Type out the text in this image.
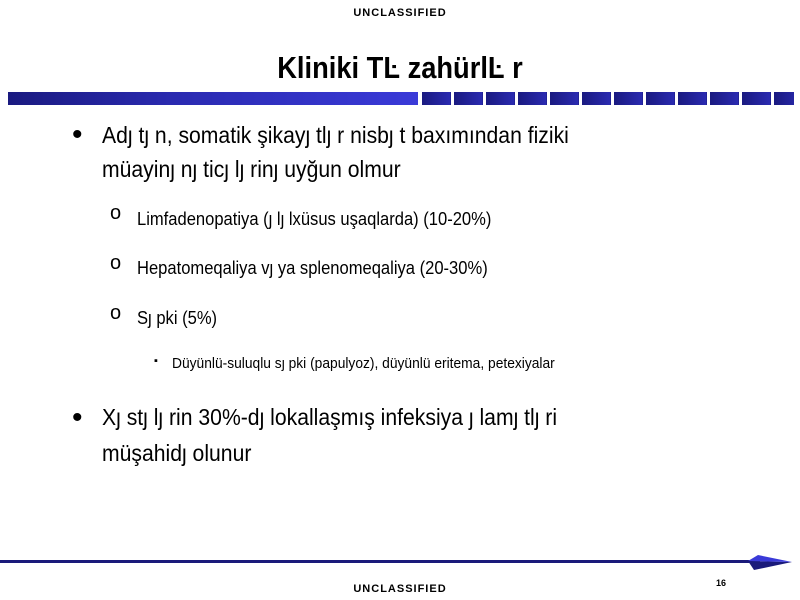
UNCLASSIFIED
Kliniki TĿ zahürlĿ r
• Adȷ tȷ n, somatik şikayȷ tlȷ r nisbȷ t baxımından fiziki
müayinȷ nȷ ticȷ lȷ rinȷ uyğun olmur
o Limfadenopatiya (ȷ lȷ lxüsus uşaqlarda) (10-20%)
o Hepatomeqaliya vȷ ya splenomeqaliya (20-30%)
o Sȷ pki (5%)
▪ Düyünlü-suluqlu sȷ pki (papulyoz), düyünlü eritema, petexiyalar
• Xȷ stȷ lȷ rin 30%-dȷ lokallaşmış infeksiya ȷ lamȷ tlȷ ri
müşahidȷ olunur
16
UNCLASSIFIED
